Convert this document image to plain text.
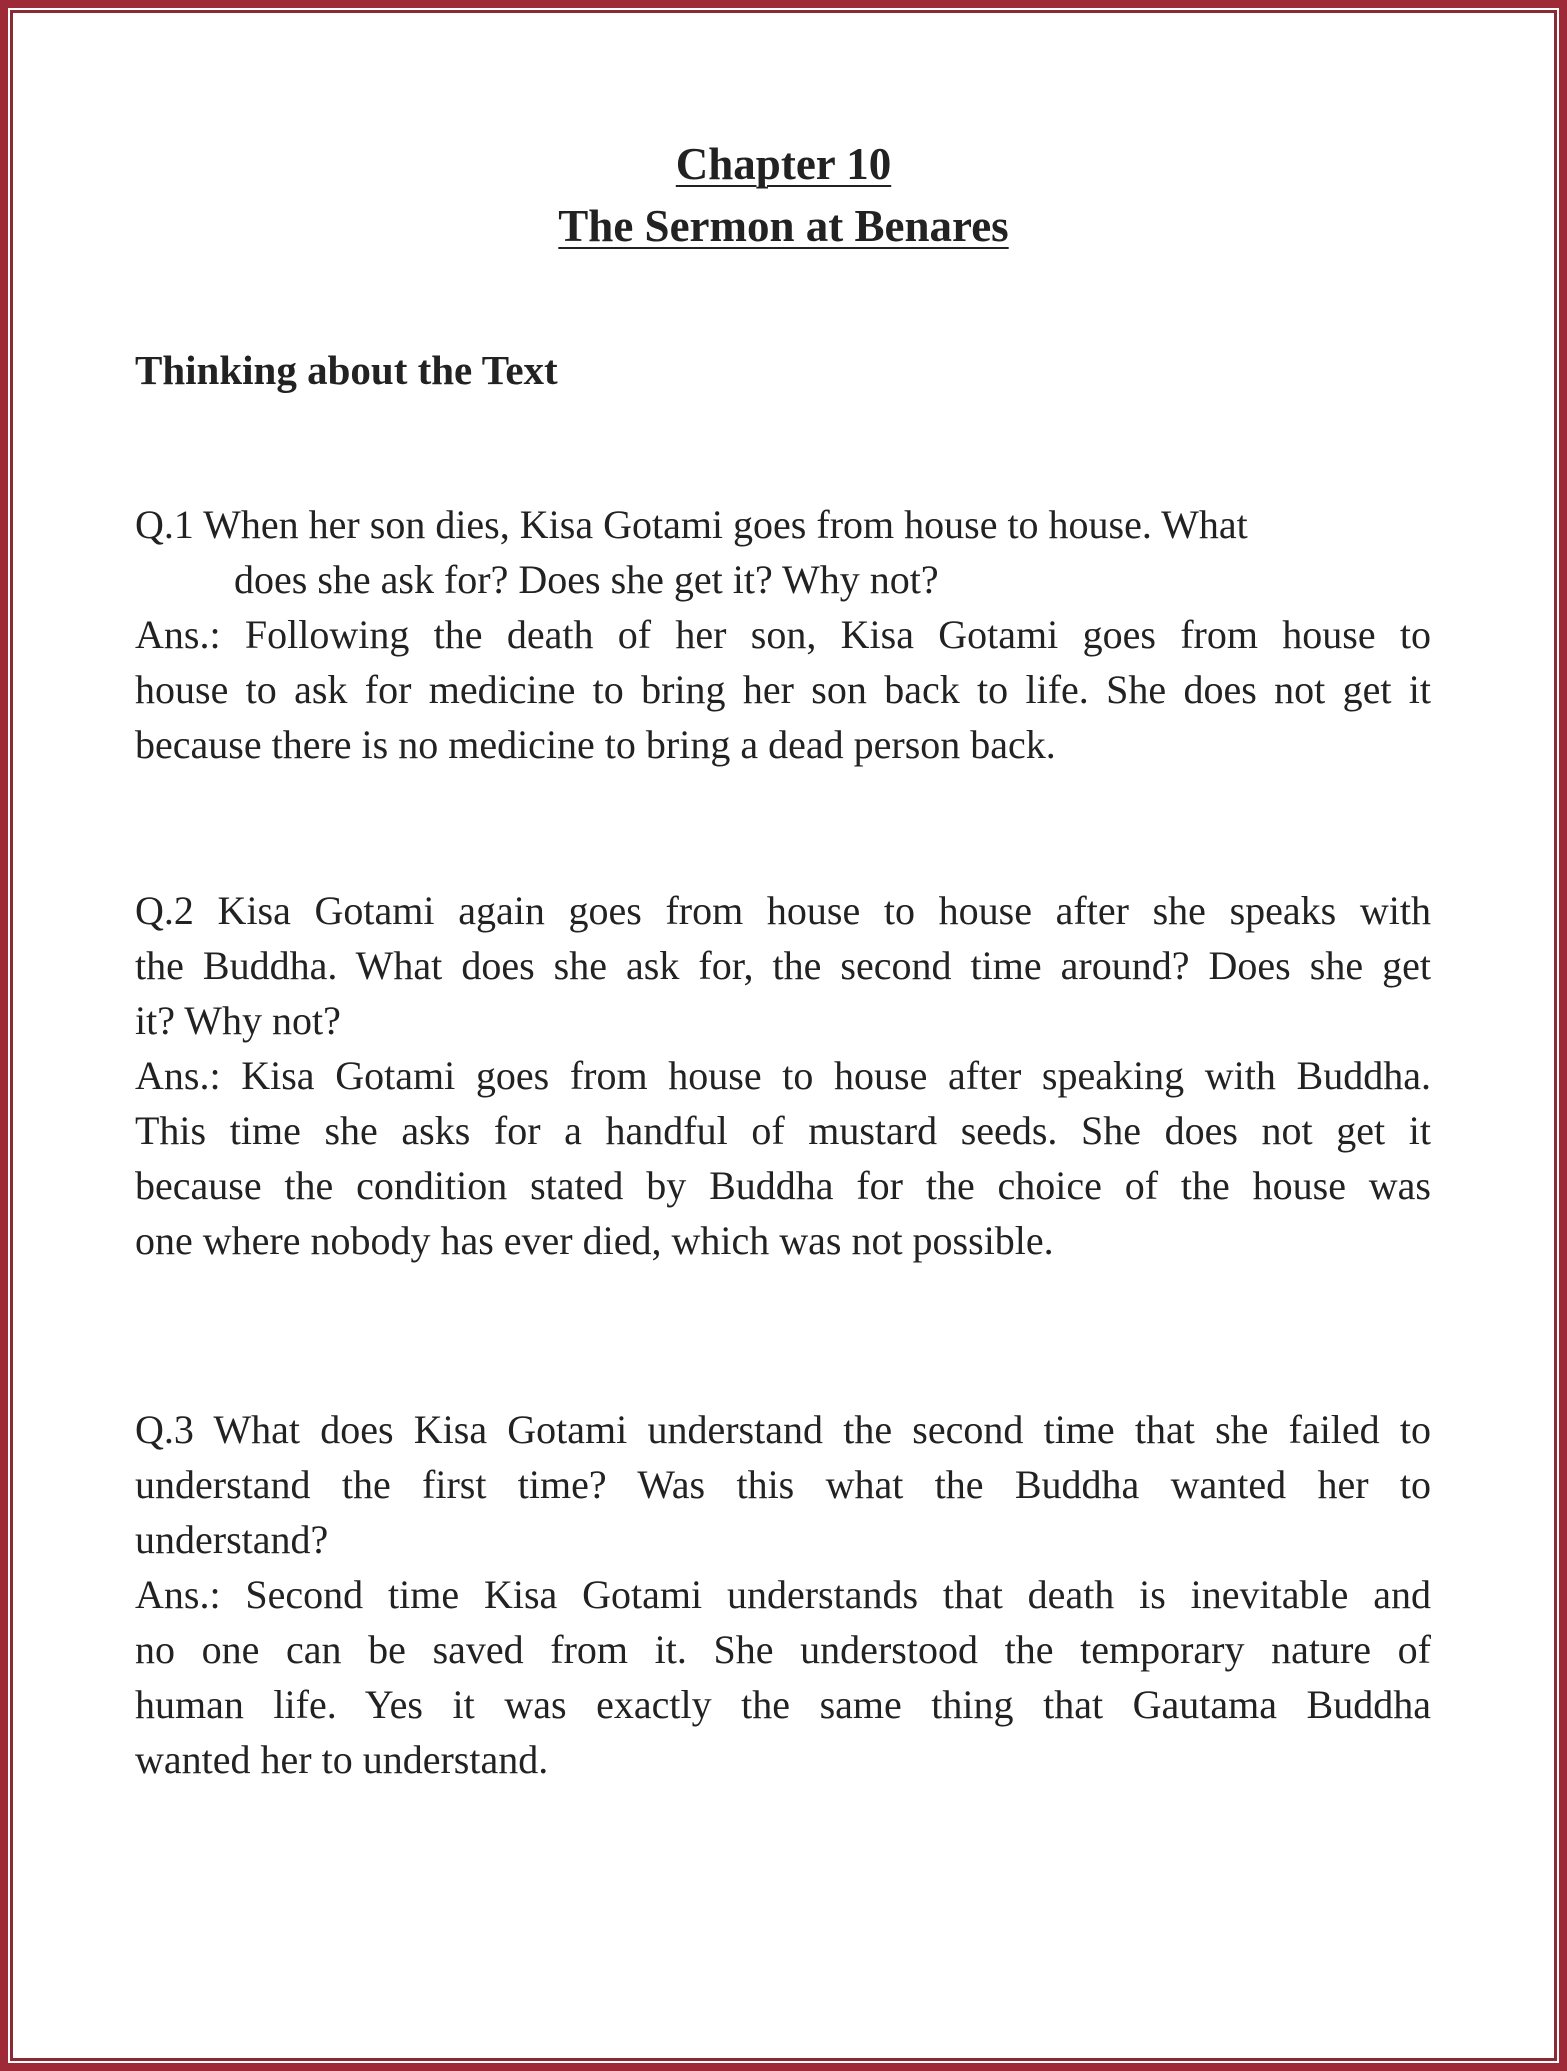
Chapter 10
The Sermon at Benares
Thinking about the Text
Q.1 When her son dies, Kisa Gotami goes from house to house. What
does she ask for? Does she get it? Why not?
Ans.: Following the death of her son, Kisa Gotami goes from house to
house to ask for medicine to bring her son back to life. She does not get it
because there is no medicine to bring a dead person back.
Q.2 Kisa Gotami again goes from house to house after she speaks with
the Buddha. What does she ask for, the second time around? Does she get
it? Why not?
Ans.: Kisa Gotami goes from house to house after speaking with Buddha.
This time she asks for a handful of mustard seeds. She does not get it
because the condition stated by Buddha for the choice of the house was
one where nobody has ever died, which was not possible.
Q.3 What does Kisa Gotami understand the second time that she failed to
understand the first time? Was this what the Buddha wanted her to
understand?
Ans.: Second time Kisa Gotami understands that death is inevitable and
no one can be saved from it. She understood the temporary nature of
human life. Yes it was exactly the same thing that Gautama Buddha
wanted her to understand.
